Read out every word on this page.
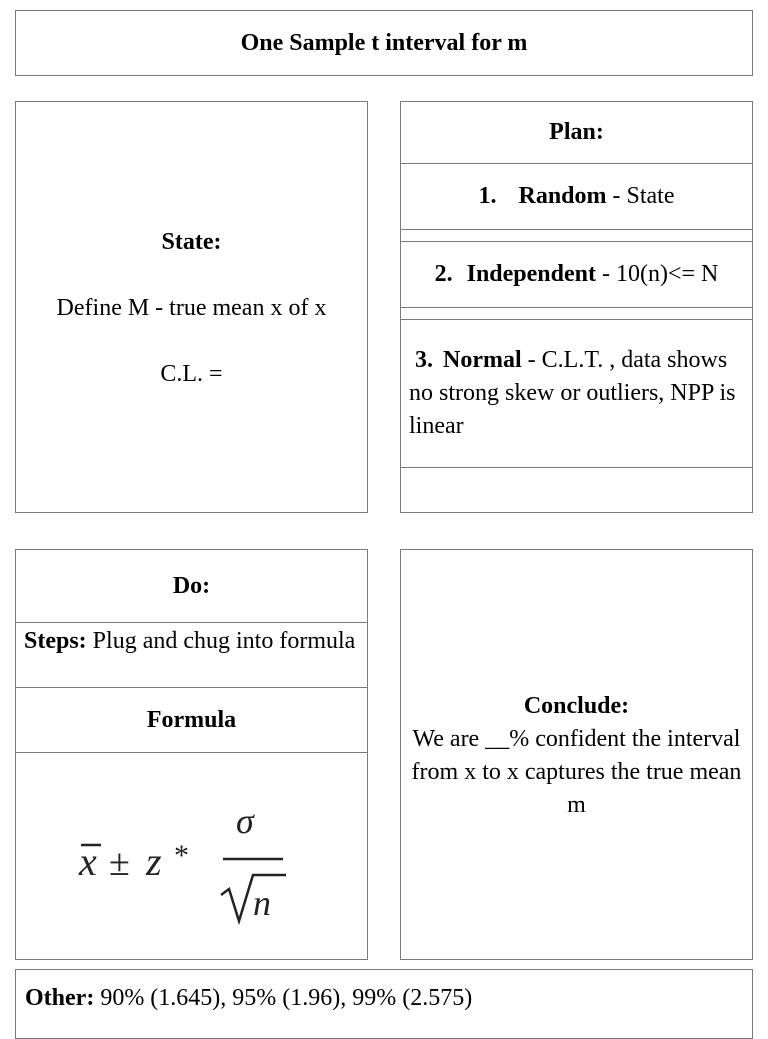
One Sample t interval for m

State:

Define M - true mean x of x

C.L. =

Plan:
1. Random - State
2. Independent - 10(n)<= N
3. Normal - C.L.T. , data shows no strong skew or outliers, NPP is linear
Do:
Steps: Plug and chug into formula
Formula
x ± z *
σ
n
Conclude:
We are __% confident the interval from x to x captures the true mean m
Other: 90% (1.645), 95% (1.96), 99% (2.575)
